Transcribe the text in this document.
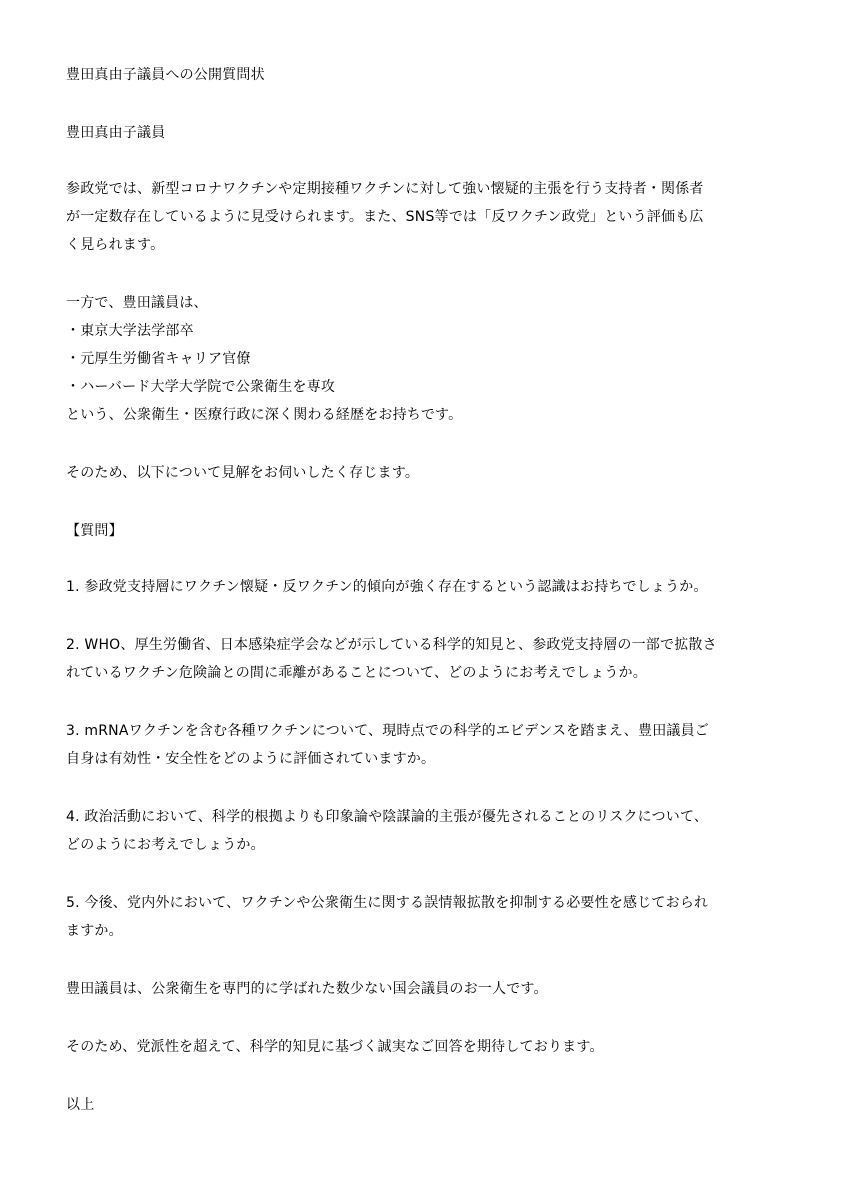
豊田真由子議員への公開質問状
豊田真由子議員
参政党では、新型コロナワクチンや定期接種ワクチンに対して強い懐疑的主張を行う支持者・関係者
が一定数存在しているように見受けられます。また、SNS等では「反ワクチン政党」という評価も広
く見られます。
一方で、豊田議員は、
・東京大学法学部卒
・元厚生労働省キャリア官僚
・ハーバード大学大学院で公衆衛生を専攻
という、公衆衛生・医療行政に深く関わる経歴をお持ちです。
そのため、以下について見解をお伺いしたく存じます。
【質問】
1. 参政党支持層にワクチン懐疑・反ワクチン的傾向が強く存在するという認識はお持ちでしょうか。
2. WHO、厚生労働省、日本感染症学会などが示している科学的知見と、参政党支持層の一部で拡散さ
れているワクチン危険論との間に乖離があることについて、どのようにお考えでしょうか。
3. mRNAワクチンを含む各種ワクチンについて、現時点での科学的エビデンスを踏まえ、豊田議員ご
自身は有効性・安全性をどのように評価されていますか。
4. 政治活動において、科学的根拠よりも印象論や陰謀論的主張が優先されることのリスクについて、
どのようにお考えでしょうか。
5. 今後、党内外において、ワクチンや公衆衛生に関する誤情報拡散を抑制する必要性を感じておられ
ますか。
豊田議員は、公衆衛生を専門的に学ばれた数少ない国会議員のお一人です。
そのため、党派性を超えて、科学的知見に基づく誠実なご回答を期待しております。
以上
